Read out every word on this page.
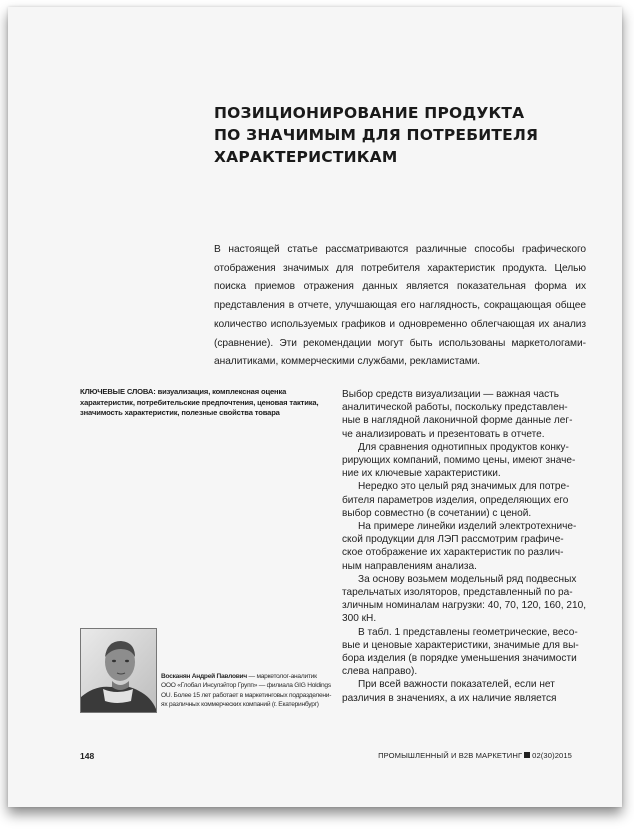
ПОЗИЦИОНИРОВАНИЕ ПРОДУКТА
ПО ЗНАЧИМЫМ ДЛЯ ПОТРЕБИТЕЛЯ
ХАРАКТЕРИСТИКАМ
В настоящей статье рассматриваются различные способы графического отображения значимых для потребителя характеристик продукта. Целью поиска приемов отражения данных является показательная форма их представления в отчете, улучшающая его наглядность, сокращающая общее количество используемых графиков и одновременно облегчающая их анализ (сравнение). Эти рекомендации могут быть использованы маркетологами-аналитиками, коммерческими службами, рекламистами.
КЛЮЧЕВЫЕ СЛОВА: визуализация, комплексная оценка характеристик, потребительские предпочтения, ценовая тактика, значимость характеристик, полезные свойства товара

Выбор средств визуализации — важная часть
аналитической работы, поскольку представлен-
ные в наглядной лаконичной форме данные лег-
че анализировать и презентовать в отчете.

Для сравнения однотипных продуктов конку-
рирующих компаний, помимо цены, имеют значе-
ние их ключевые характеристики.

Нередко это целый ряд значимых для потре-
бителя параметров изделия, определяющих его
выбор совместно (в сочетании) с ценой.

На примере линейки изделий электротехниче-
ской продукции для ЛЭП рассмотрим графиче-
ское отображение их характеристик по различ-
ным направлениям анализа.

За основу возьмем модельный ряд подвесных
тарельчатых изоляторов, представленный по ра-
зличным номиналам нагрузки: 40, 70, 120, 160, 210,
300 кН.

В табл. 1 представлены геометрические, весо-
вые и ценовые характеристики, значимые для вы-
бора изделия (в порядке уменьшения значимости
слева направо).

При всей важности показателей, если нет
различия в значениях, а их наличие является

Восканян Андрей Павлович — маркетолог-аналитик
ООО «Глобал Инсулэйтор Групп» — филиала GIG Holdings
OU. Более 15 лет работает в маркетинговых подразделени-
ях различных коммерческих компаний (г. Екатеринбург)
148	ПРОМЫШЛЕННЫЙ И B2B МАРКЕТИНГ 02(30)2015
